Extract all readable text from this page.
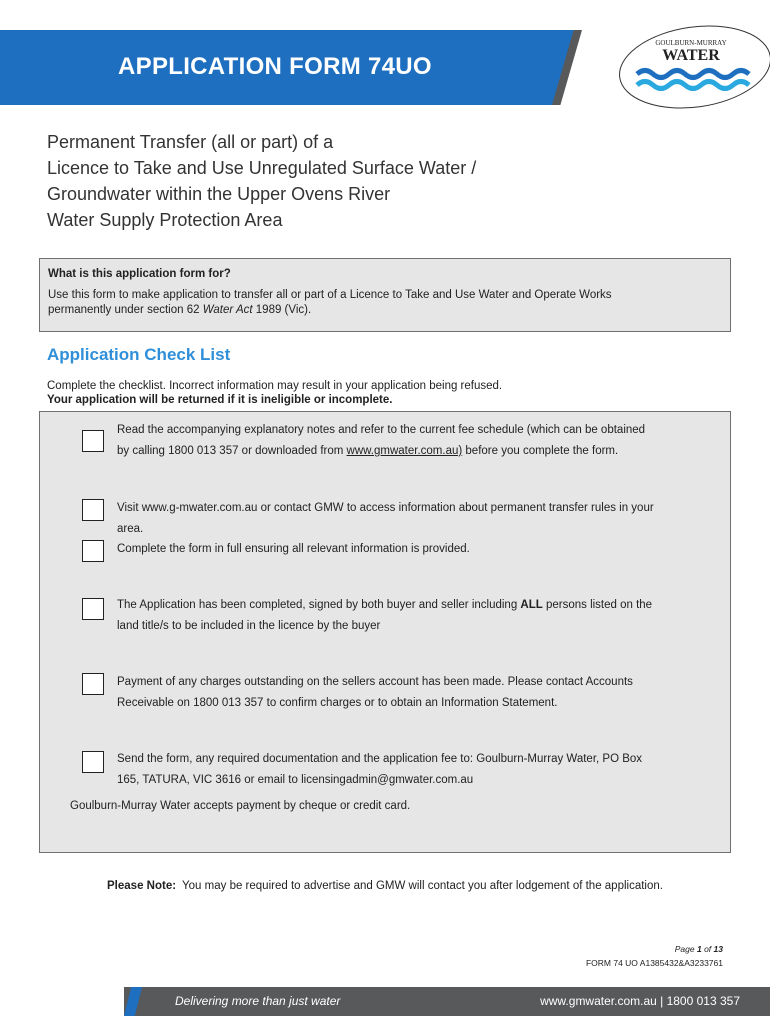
APPLICATION FORM 74UO
GOULBURN-MURRAY
WATER
Permanent Transfer (all or part) of a
Licence to Take and Use Unregulated Surface Water /
Groundwater within the Upper Ovens River
Water Supply Protection Area
What is this application form for?
Use this form to make application to transfer all or part of a Licence to Take and Use Water and Operate Works
permanently under section 62 Water Act 1989 (Vic).
Application Check List
Complete the checklist. Incorrect information may result in your application being refused.
Your application will be returned if it is ineligible or incomplete.
Read the accompanying explanatory notes and refer to the current fee schedule (which can be obtained
by calling 1800 013 357 or downloaded from www.gmwater.com.au) before you complete the form.
Visit www.g-mwater.com.au or contact GMW to access information about permanent transfer rules in your
area.
Complete the form in full ensuring all relevant information is provided.
The Application has been completed, signed by both buyer and seller including ALL persons listed on the
land title/s to be included in the licence by the buyer
Payment of any charges outstanding on the sellers account has been made. Please contact Accounts
Receivable on 1800 013 357 to confirm charges or to obtain an Information Statement.
Send the form, any required documentation and the application fee to: Goulburn-Murray Water, PO Box
165, TATURA, VIC 3616 or email to licensingadmin@gmwater.com.au
Goulburn-Murray Water accepts payment by cheque or credit card.
Please Note: You may be required to advertise and GMW will contact you after lodgement of the application.
Page 1 of 13
FORM 74 UO A1385432&A3233761
Delivering more than just water	www.gmwater.com.au | 1800 013 357
